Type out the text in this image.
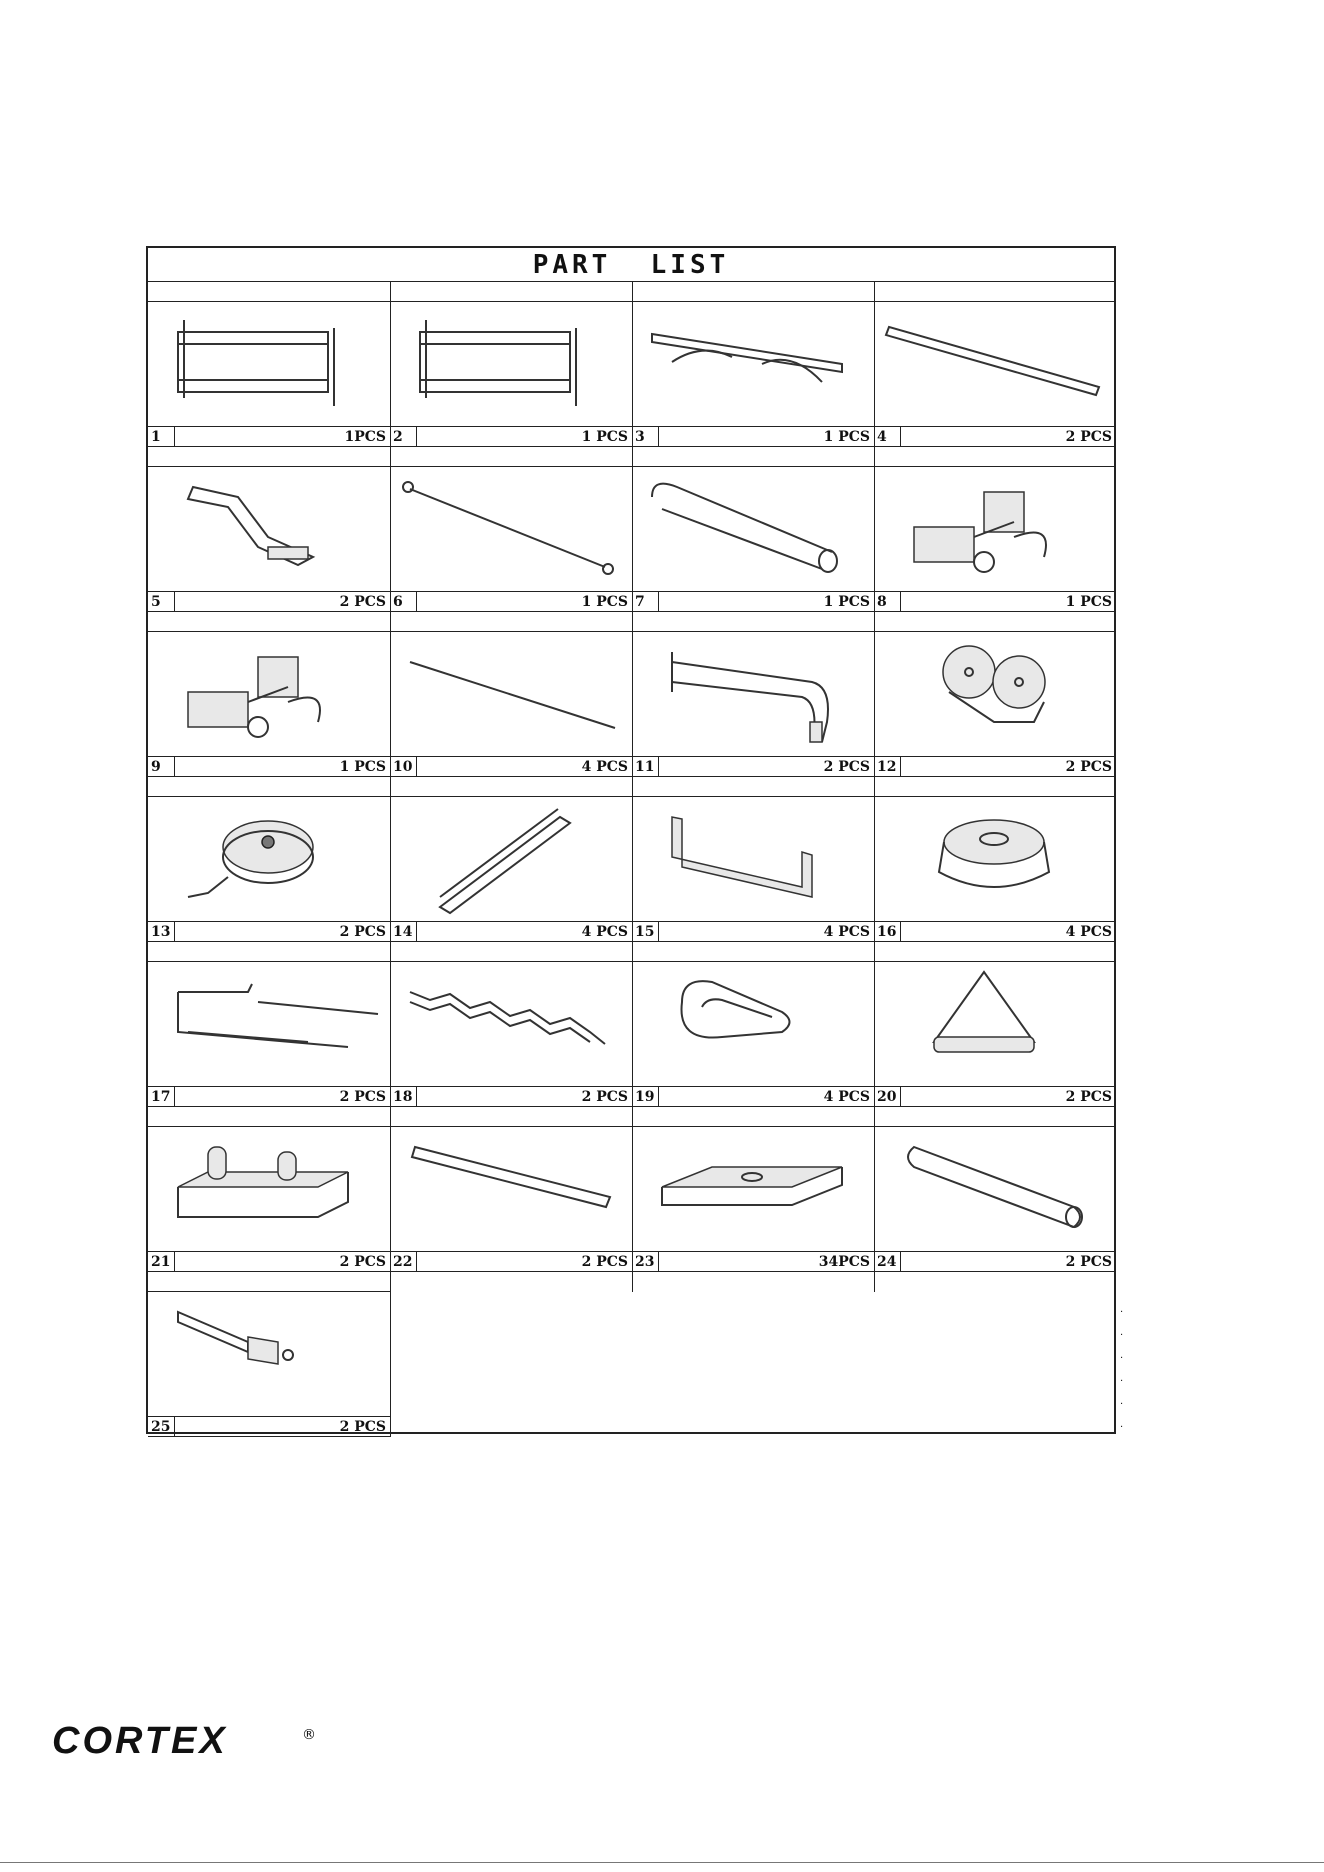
PART  LIST
1	1PCS 2	1 PCS 3	1 PCS 4	2 PCS
5	2 PCS 6	1 PCS 7	1 PCS 8	1 PCS
9	1 PCS 10	4 PCS 11	2 PCS 12	2 PCS
13	2 PCS 14	4 PCS 15	4 PCS 16	4 PCS
17	2 PCS 18	2 PCS 19	4 PCS 20	2 PCS
21	2 PCS 22	2 PCS 23	34PCS 24	2 PCS
25	2 PCS
·
·
·
·
·
·
CORTEX	®
